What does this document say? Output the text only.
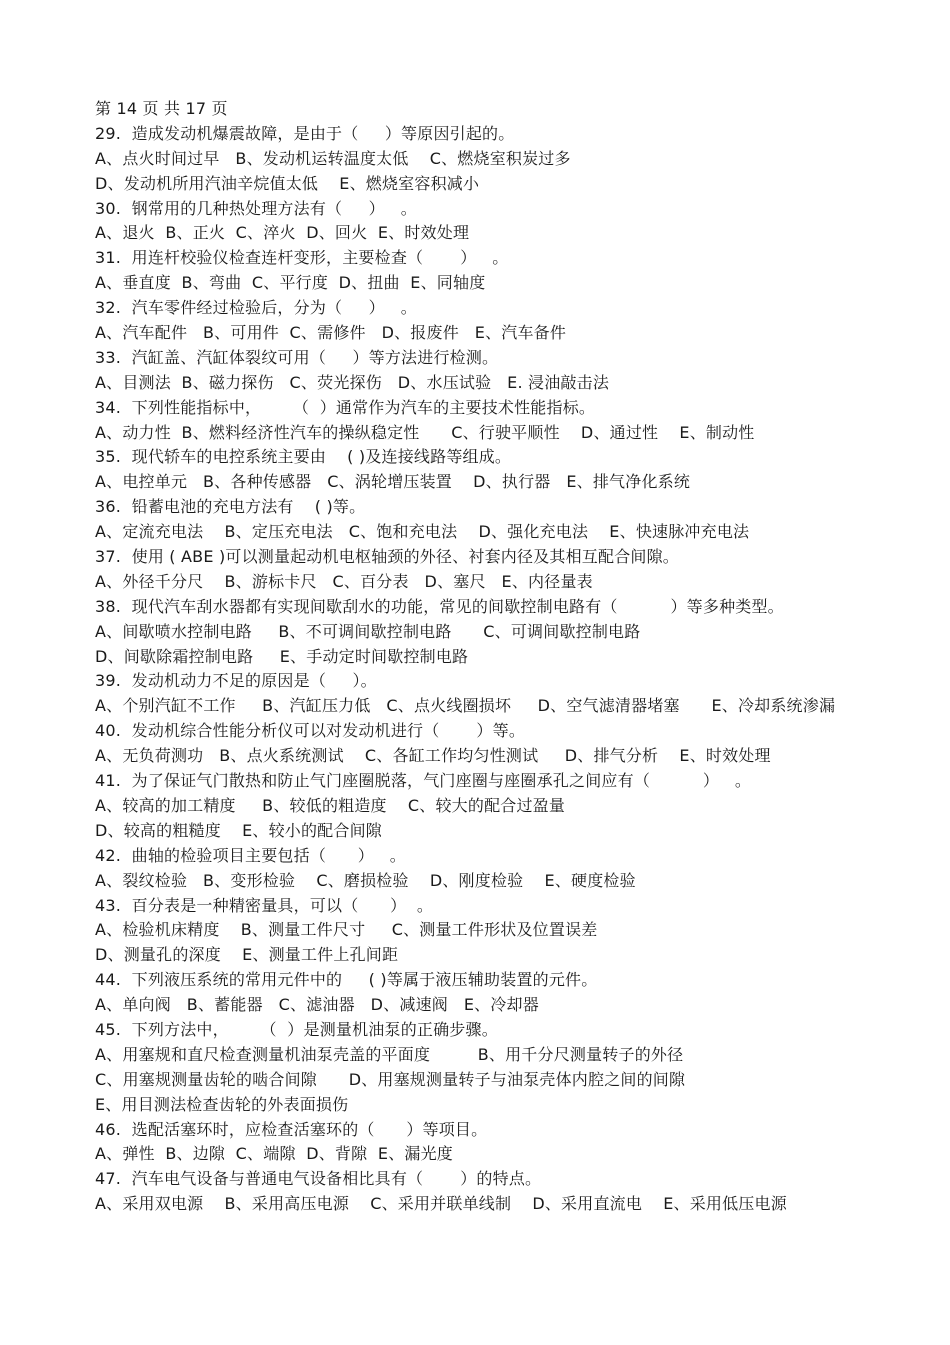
第 14 页 共 17 页
29.  造成发动机爆震故障，是由于（     ）等原因引起的。
A、点火时间过早   B、发动机运转温度太低    C、燃烧室积炭过多
D、发动机所用汽油辛烷值太低    E、燃烧室容积减小
30.  钢常用的几种热处理方法有（     ）   。
A、退火  B、正火  C、淬火  D、回火  E、时效处理
31.  用连杆校验仪检查连杆变形，主要检查（       ）   。
A、垂直度  B、弯曲  C、平行度  D、扭曲  E、同轴度
32.  汽车零件经过检验后，分为（     ）   。
A、汽车配件   B、可用件  C、需修件   D、报废件   E、汽车备件
33.  汽缸盖、汽缸体裂纹可用（     ）等方法进行检测。
A、目测法  B、磁力探伤   C、荧光探伤   D、水压试验   E. 浸油敲击法
34.  下列性能指标中，      （  ）通常作为汽车的主要技术性能指标。
A、动力性  B、燃料经济性汽车的操纵稳定性      C、行驶平顺性    D、通过性    E、制动性
35.  现代轿车的电控系统主要由    ( )及连接线路等组成。
A、电控单元   B、各种传感器   C、涡轮增压装置    D、执行器   E、排气净化系统
36.  铅蓄电池的充电方法有    ( )等。
A、定流充电法    B、定压充电法   C、饱和充电法    D、强化充电法    E、快速脉冲充电法
37.  使用 ( ABE )可以测量起动机电枢轴颈的外径、衬套内径及其相互配合间隙。
A、外径千分尺    B、游标卡尺   C、百分表   D、塞尺   E、内径量表
38.  现代汽车刮水器都有实现间歇刮水的功能，常见的间歇控制电路有（          ）等多种类型。
A、间歇喷水控制电路     B、不可调间歇控制电路      C、可调间歇控制电路
D、间歇除霜控制电路     E、手动定时间歇控制电路
39.  发动机动力不足的原因是（     ）。
A、个别汽缸不工作     B、汽缸压力低   C、点火线圈损坏     D、空气滤清器堵塞      E、冷却系统渗漏
40.  发动机综合性能分析仪可以对发动机进行（       ）等。
A、无负荷测功   B、点火系统测试    C、各缸工作均匀性测试     D、排气分析    E、时效处理
41.  为了保证气门散热和防止气门座圈脱落，气门座圈与座圈承孔之间应有（          ）   。
A、较高的加工精度     B、较低的粗造度    C、较大的配合过盈量
D、较高的粗糙度    E、较小的配合间隙
42.  曲轴的检验项目主要包括（      ）   。
A、裂纹检验   B、变形检验    C、磨损检验    D、刚度检验    E、硬度检验
43.  百分表是一种精密量具，可以（      ）  。
A、检验机床精度    B、测量工件尺寸     C、测量工件形状及位置误差
D、测量孔的深度    E、测量工件上孔间距
44.  下列液压系统的常用元件中的     ( )等属于液压辅助装置的元件。
A、单向阀   B、蓄能器   C、滤油器   D、减速阀   E、冷却器
45.  下列方法中，      （  ）是测量机油泵的正确步骤。
A、用塞规和直尺检查测量机油泵壳盖的平面度         B、用千分尺测量转子的外径
C、用塞规测量齿轮的啮合间隙      D、用塞规测量转子与油泵壳体内腔之间的间隙
E、用目测法检查齿轮的外表面损伤
46.  选配活塞环时，应检查活塞环的（      ）等项目。
A、弹性  B、边隙  C、端隙  D、背隙  E、漏光度
47.  汽车电气设备与普通电气设备相比具有（       ）的特点。
A、采用双电源    B、采用高压电源    C、采用并联单线制    D、采用直流电    E、采用低压电源
